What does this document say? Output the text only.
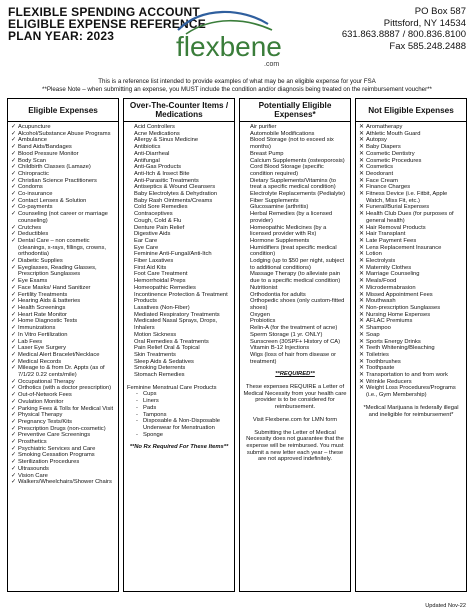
FLEXIBLE SPENDING ACCOUNT
ELIGIBLE EXPENSE REFERENCE
PLAN YEAR: 2023	flexbene
.com
PO Box 587
Pittsford, NY 14534
631.863.8887 / 800.836.8100
Fax 585.248.2488
This is a reference list intended to provide examples of what may be an eligible expense for your FSA
**Please Note – when submitting an expense, you MUST include the condition and/or diagnosis being treated on the reimbursement voucher**
Eligible Expenses
✓ Acupuncture
✓ Alcohol/Substance Abuse Programs
✓ Ambulance
✓ Band Aids/Bandages
✓ Blood Pressure Monitor
✓ Body Scan
✓ Childbirth Classes (Lamaze)
✓ Chiropractic
✓ Christian Science Practitioners
✓ Condoms
✓ Co-insurance
✓ Contact Lenses & Solution
✓ Co-payments
✓ Counseling (not career or marriage counseling)
✓ Crutches
✓ Deductibles
✓ Dental Care – non cosmetic (cleanings, x-rays, fillings, crowns, orthodontia)
✓ Diabetic Supplies
✓ Eyeglasses, Reading Glasses, Prescription Sunglasses
✓ Eye Exams
✓ Face Masks/ Hand Sanitizer
✓ Fertility Treatments
✓ Hearing Aids & batteries
✓ Health Screenings
✓ Heart Rate Monitor
✓ Home Diagnostic Tests
✓ Immunizations
✓ In Vitro Fertilization
✓ Lab Fees
✓ Laser Eye Surgery
✓ Medical Alert Bracelet/Necklace
✓ Medical Records
✓ Mileage to & from Dr. Appts (as of 7/1/22 0.22 cents/mile)
✓ Occupational Therapy
✓ Orthotics (with a doctor prescription)
✓ Out-of-Network Fees
✓ Ovulation Monitor
✓ Parking Fees & Tolls for Medical Visit
✓ Physical Therapy
✓ Pregnancy Tests/Kits
✓ Prescription Drugs (non-cosmetic)
✓ Preventive Care Screenings
✓ Prosthetics
✓ Psychiatric Services and Care
✓ Smoking Cessation Programs
✓ Sterilization Procedures
✓ Ultrasounds
✓ Vision Care
✓ Walkers/Wheelchairs/Shower Chairs
Over-The-Counter Items / Medications
Acid Controllers
Acne Medications
Allergy & Sinus Medicine
Antibiotics
Anti-Diarrheal
Antifungal
Anti-Gas Products
Anti-Itch & Insect Bite
Anti-Parasitic Treatments
Antiseptics & Wound Cleansers
Baby Electrolytes & Dehydration
Baby Rash Ointments/Creams
Cold Sore Remedies
Contraceptives
Cough, Cold & Flu
Denture Pain Relief
Digestive Aids
Ear Care
Eye Care
Feminine Anti-Fungal/Anti-Itch
Fiber Laxatives
First Aid Kits
Foot Care Treatment
Hemorrhoidal Preps
Homeopathic Remedies
Incontinence Protection & Treatment Products
Laxatives (Non-Fiber)
Mediated Respiratory Treatments
Medicated Nasal Sprays, Drops, Inhalers
Motion Sickness
Oral Remedies & Treatments
Pain Relief Oral & Topical
Skin Treatments
Sleep Aids & Sedatives
Smoking Deterrents
Stomach Remedies
Feminine Menstrual Care Products
- Cups
- Liners
- Pads
- Tampons
- Disposable & Non-Disposable Underwear for Menstruation
- Sponge
**No Rx Required For These Items**
Potentially Eligible Expenses*
Air purifier
Automobile Modifications
Blood Storage (not to exceed six months)
Breast Pump
Calcium Supplements (osteoporosis)
Cord Blood Storage (specific condition required)
Dietary Supplements/Vitamins (to treat a specific medical condition)
Electrolyte Replacements (Pedialyte)
Fiber Supplements
Glucosamine (arthritis)
Herbal Remedies (by a licensed provider)
Homeopathic Medicines (by a licensed provider with Rx)
Hormone Supplements
Humidifiers (treat specific medical condition)
Lodging (up to $50 per night, subject to additional conditions)
Massage Therapy (to alleviate pain due to a specific medical condition)
Nutritionist
Orthodontia for adults
Orthopedic shoes (only custom-fitted shoes)
Oxygen
Probiotics
Relin-A (for the treatment of acne)
Sperm Storage (1 yr. ONLY)
Sunscreen (30SPF+ History of CA)
Vitamin B-12 Injections
Wigs (loss of hair from disease or treatment)
**REQUIRED**
These expenses REQUIRE a Letter of Medical Necessity from your health care provider is to be considered for reimbursement.
Visit Flexbene.com for LMN form
Submitting the Letter of Medical Necessity does not guarantee that the expense will be reimbursed. You must submit a new letter each year – these are not approved indefinitely.
Not Eligible Expenses
✕ Aromatherapy
✕ Athletic Mouth Guard
✕ Autopsy
✕ Baby Diapers
✕ Cosmetic Dentistry
✕ Cosmetic Procedures
✕ Cosmetics
✕ Deodorant
✕ Face Cream
✕ Finance Charges
✕ Fitness Device (i.e. Fitbit, Apple Watch, Miss Fit, etc.)
✕ Funeral/Burial Expenses
✕ Health Club Dues (for purposes of general health)
✕ Hair Removal Products
✕ Hair Transplant
✕ Late Payment Fees
✕ Lens Replacement Insurance
✕ Lotion
✕ Electrolysis
✕ Maternity Clothes
✕ Marriage Counseling
✕ Meals/Food
✕ Microdermabrasion
✕ Missed Appointment Fees
✕ Mouthwash
✕ Non-prescription Sunglasses
✕ Nursing Home Expenses
✕ AFLAC Premiums
✕ Shampoo
✕ Soap
✕ Sports Energy Drinks
✕ Teeth Whitening/Bleaching
✕ Toiletries
✕ Toothbrushes
✕ Toothpaste
✕ Transportation to and from work
✕ Wrinkle Reducers
✕ Weight Loss Procedures/Programs (i.e., Gym Membership)
*Medical Marijuana is federally illegal and ineligible for reimbursement*
Updated Nov-22
